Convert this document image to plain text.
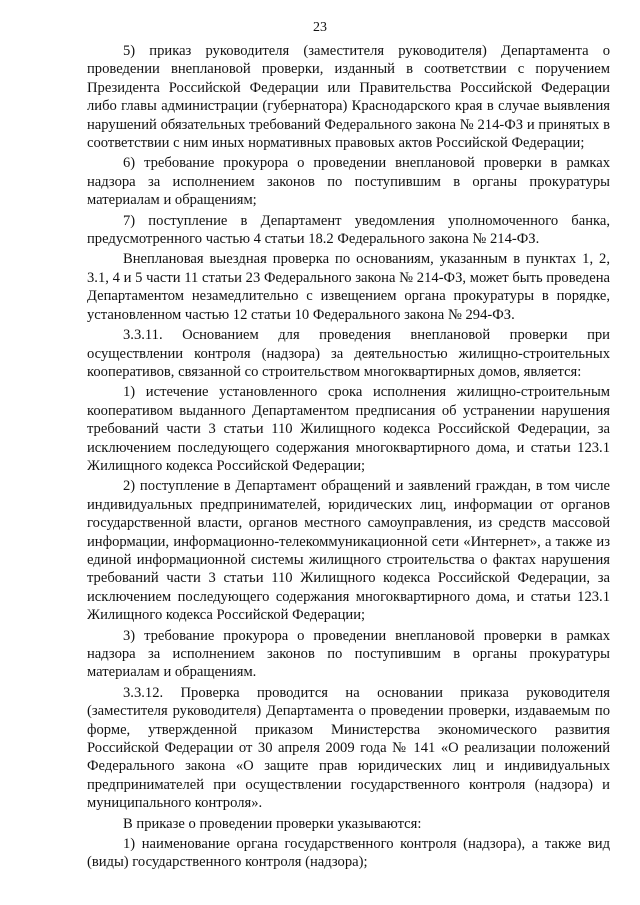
23

5) приказ руководителя (заместителя руководителя) Департамента о проведении внеплановой проверки, изданный в соответствии с поручением Президента Российской Федерации или Правительства Российской Федерации либо главы администрации (губернатора) Краснодарского края в случае выявления нарушений обязательных требований Федерального закона № 214-ФЗ и принятых в соответствии с ним иных нормативных правовых актов Российской Федерации;

6) требование прокурора о проведении внеплановой проверки в рамках надзора за исполнением законов по поступившим в органы прокуратуры материалам и обращениям;

7) поступление в Департамент уведомления уполномоченного банка, предусмотренного частью 4 статьи 18.2 Федерального закона № 214-ФЗ.

Внеплановая выездная проверка по основаниям, указанным в пунктах 1, 2, 3.1, 4 и 5 части 11 статьи 23 Федерального закона № 214-ФЗ, может быть проведена Департаментом незамедлительно с извещением органа прокуратуры в порядке, установленном частью 12 статьи 10 Федерального закона № 294-ФЗ.

3.3.11. Основанием для проведения внеплановой проверки при осуществлении контроля (надзора) за деятельностью жилищно-строительных кооперативов, связанной со строительством многоквартирных домов, является:

1) истечение установленного срока исполнения жилищно-строительным кооперативом выданного Департаментом предписания об устранении нарушения требований части 3 статьи 110 Жилищного кодекса Российской Федерации, за исключением последующего содержания многоквартирного дома, и статьи 123.1 Жилищного кодекса Российской Федерации;

2) поступление в Департамент обращений и заявлений граждан, в том числе индивидуальных предпринимателей, юридических лиц, информации от органов государственной власти, органов местного самоуправления, из средств массовой информации, информационно-телекоммуникационной сети «Интернет», а также из единой информационной системы жилищного строительства о фактах нарушения требований части 3 статьи 110 Жилищного кодекса Российской Федерации, за исключением последующего содержания многоквартирного дома, и статьи 123.1 Жилищного кодекса Российской Федерации;

3) требование прокурора о проведении внеплановой проверки в рамках надзора за исполнением законов по поступившим в органы прокуратуры материалам и обращениям.

3.3.12. Проверка проводится на основании приказа руководителя (заместителя руководителя) Департамента о проведении проверки, издаваемым по форме, утвержденной приказом Министерства экономического развития Российской Федерации от 30 апреля 2009 года № 141 «О реализации положений Федерального закона «О защите прав юридических лиц и индивидуальных предпринимателей при осуществлении государственного контроля (надзора) и муниципального контроля».

В приказе о проведении проверки указываются:

1) наименование органа государственного контроля (надзора), а также вид (виды) государственного контроля (надзора);
